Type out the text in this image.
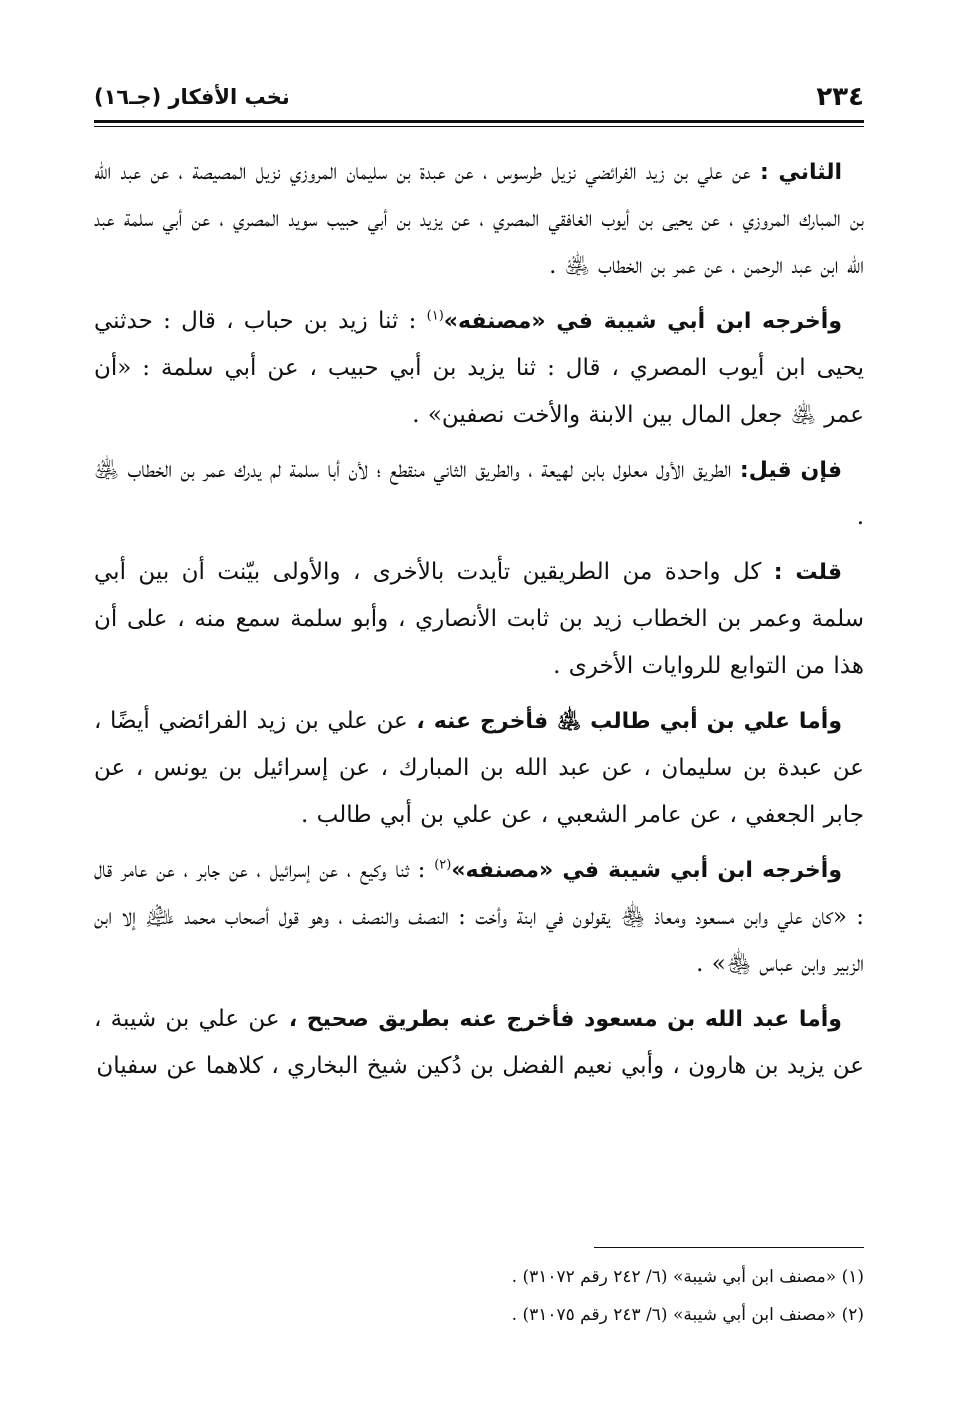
٢٣٤
نخب الأفكار (جـ١٦)

الثاني : عن علي بن زيد الفرائضي نزيل طرسوس ، عن عبدة بن سليمان المروزي نزيل المصيصة ، عن عبد الله بن المبارك المروزي ، عن يحيى بن أيوب الغافقي المصري ، عن يزيد بن أبي حبيب سويد المصري ، عن أبي سلمة عبد الله ابن عبد الرحمن ، عن عمر بن الخطاب ﵁ .

وأخرجه ابن أبي شيبة في «مصنفه»$^{(١)}$ : ثنا زيد بن حباب ، قال : حدثني يحيى ابن أيوب المصري ، قال : ثنا يزيد بن أبي حبيب ، عن أبي سلمة : «أن عمر ﵁ جعل المال بين الابنة والأخت نصفين» .

فإن قيل: الطريق الأول معلول بابن لهيعة ، والطريق الثاني منقطع ؛ لأن أبا سلمة لم يدرك عمر بن الخطاب ﵁ .

قلت : كل واحدة من الطريقين تأيدت بالأخرى ، والأولى بيّنت أن بين أبي سلمة وعمر بن الخطاب زيد بن ثابت الأنصاري ، وأبو سلمة سمع منه ، على أن هذا من التوابع للروايات الأخرى .

وأما علي بن أبي طالب ﵁ فأخرج عنه ، عن علي بن زيد الفرائضي أيضًا ، عن عبدة بن سليمان ، عن عبد الله بن المبارك ، عن إسرائيل بن يونس ، عن جابر الجعفي ، عن عامر الشعبي ، عن علي بن أبي طالب .

وأخرجه ابن أبي شيبة في «مصنفه»$^{(٢)}$ : ثنا وكيع ، عن إسرائيل ، عن جابر ، عن عامر قال : «كان علي وابن مسعود ومعاذ ﵃ يقولون في ابنة وأخت : النصف والنصف ، وهو قول أصحاب محمد ﵇ إلا ابن الزبير وابن عباس ﵃» .

وأما عبد الله بن مسعود فأخرج عنه بطريق صحيح ، عن علي بن شيبة ، عن يزيد بن هارون ، وأبي نعيم الفضل بن دُكين شيخ البخاري ، كلاهما عن سفيان

(١) «مصنف ابن أبي شيبة» (٦/ ٢٤٢ رقم ٣١٠٧٢) .

(٢) «مصنف ابن أبي شيبة» (٦/ ٢٤٣ رقم ٣١٠٧٥) .
